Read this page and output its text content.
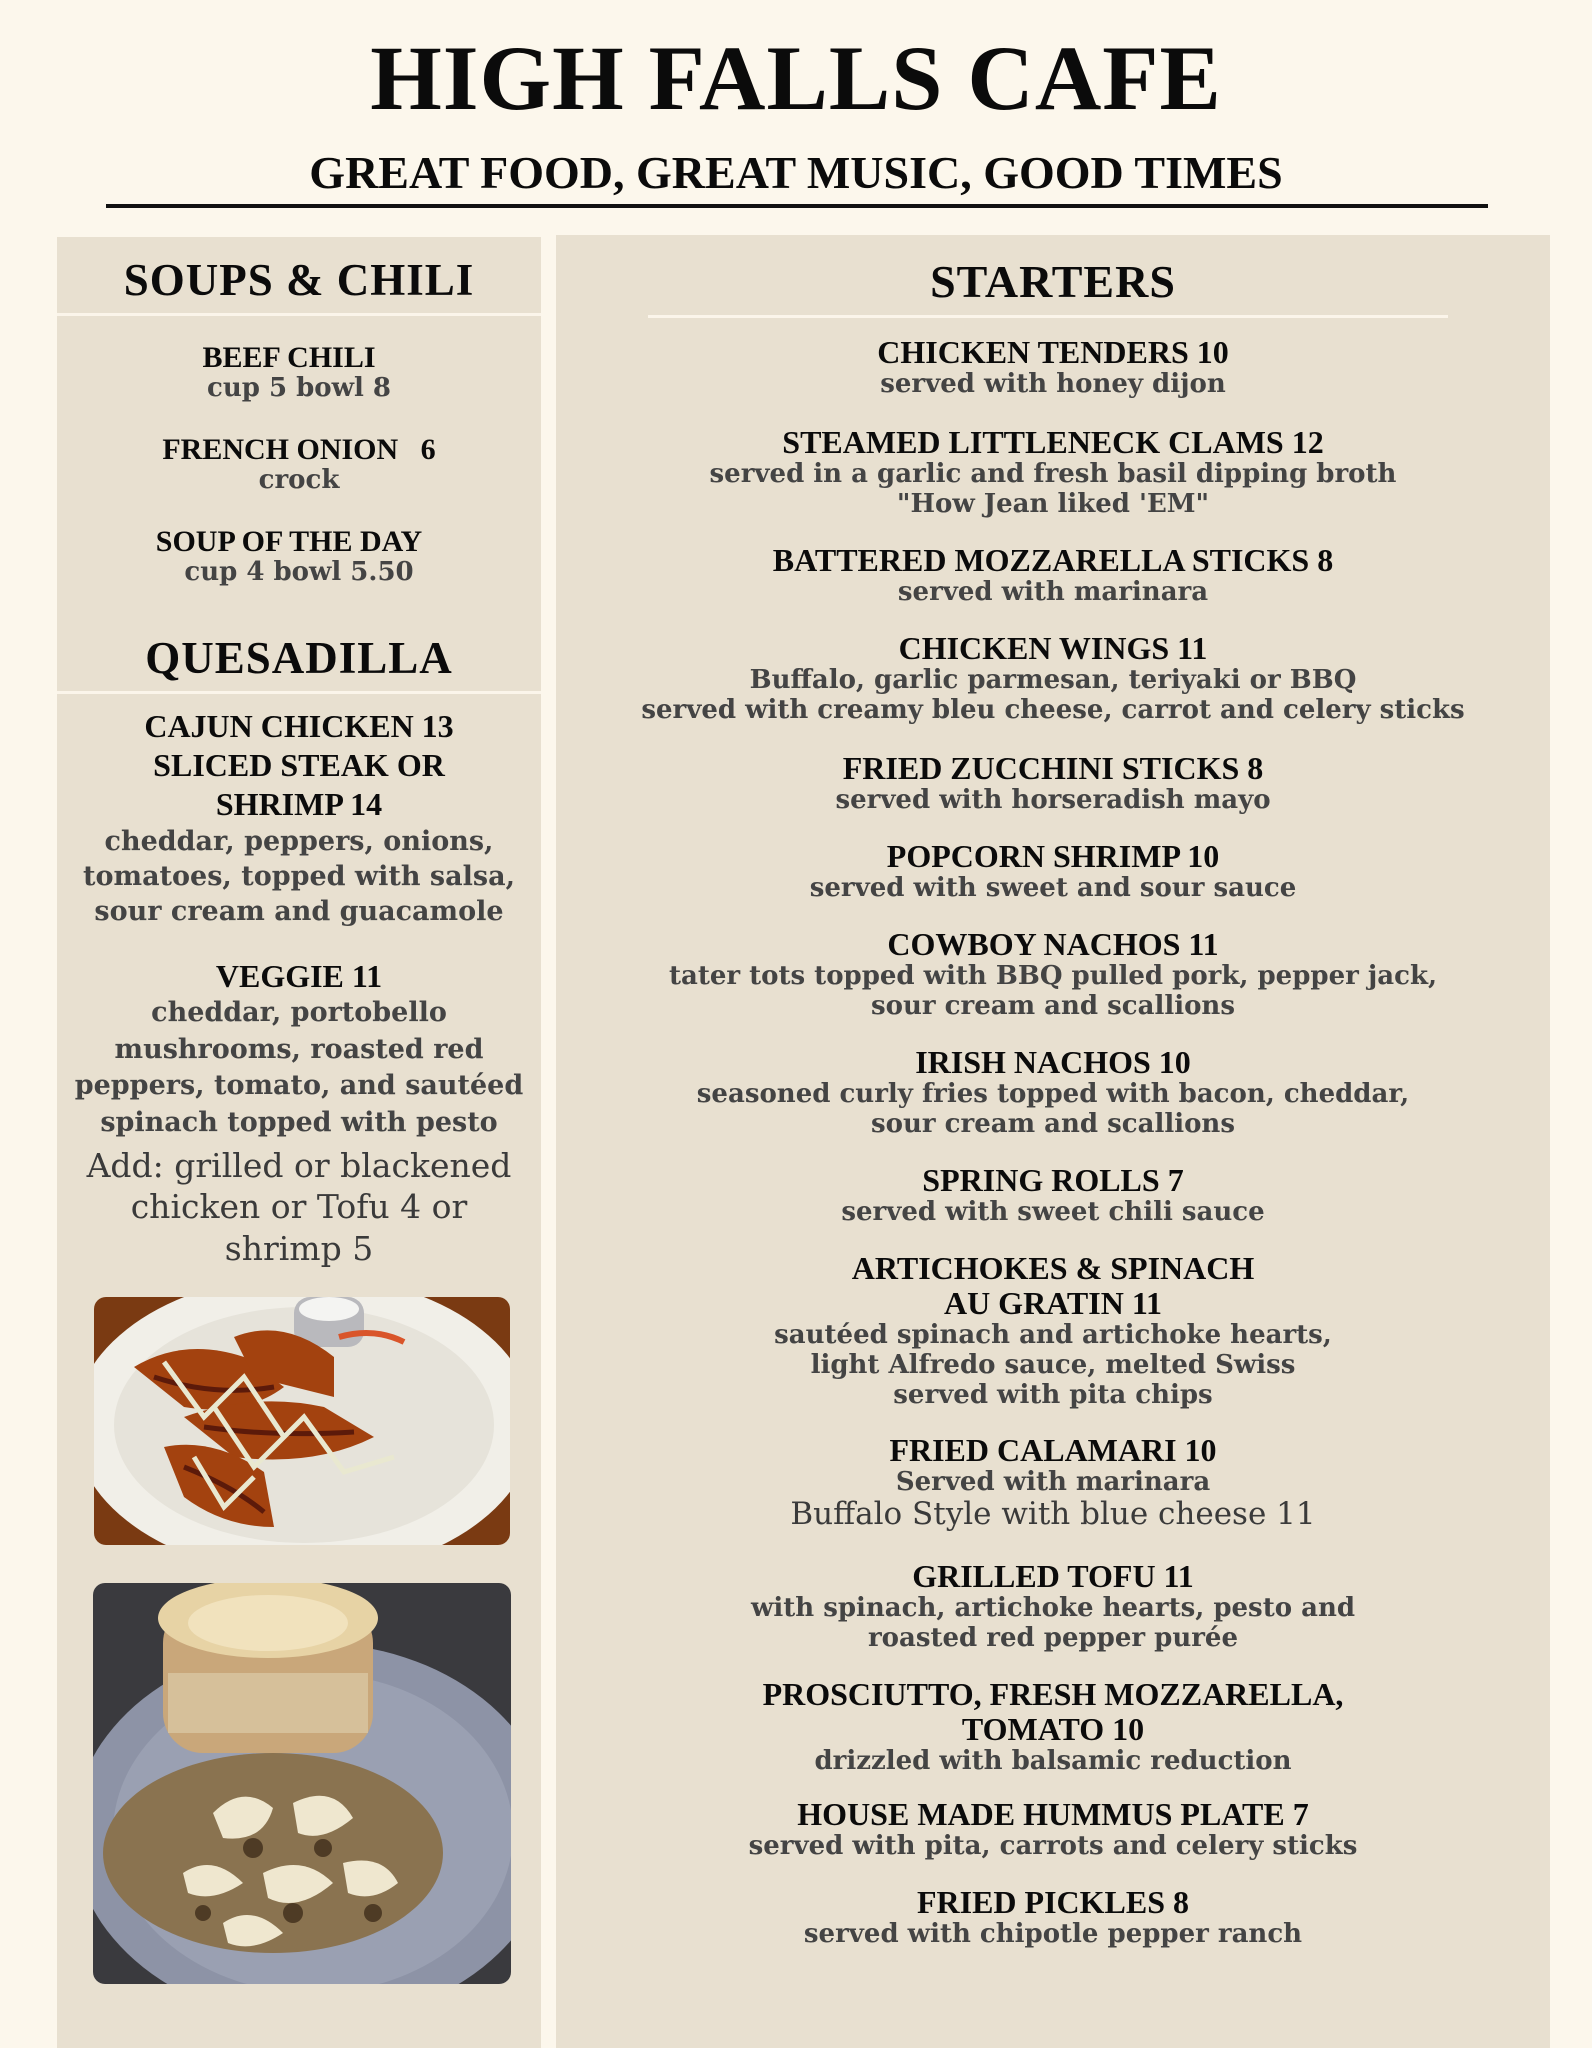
HIGH FALLS CAFE
GREAT FOOD, GREAT MUSIC, GOOD TIMES
SOUPS & CHILI
BEEF CHILI
cup 5 bowl 8
FRENCH ONION   6
crock
SOUP OF THE DAY
cup 4 bowl 5.50
QUESADILLA
CAJUN CHICKEN 13 SLICED STEAK OR SHRIMP 14
cheddar, peppers, onions, tomatoes, topped with salsa, sour cream and guacamole
VEGGIE 11
cheddar, portobello mushrooms, roasted red peppers, tomato, and sautéed spinach topped with pesto
Add: grilled or blackened chicken or Tofu 4 or shrimp 5
STARTERS
CHICKEN TENDERS 10
served with honey dijon
STEAMED LITTLENECK CLAMS 12
served in a garlic and fresh basil dipping broth
"How Jean liked 'EM"
BATTERED MOZZARELLA STICKS 8
served with marinara
CHICKEN WINGS 11
Buffalo, garlic parmesan, teriyaki or BBQ
served with creamy bleu cheese, carrot and celery sticks
FRIED ZUCCHINI STICKS 8
served with horseradish mayo
POPCORN SHRIMP 10
served with sweet and sour sauce
COWBOY NACHOS 11
tater tots topped with BBQ pulled pork, pepper jack,
sour cream and scallions
IRISH NACHOS 10
seasoned curly fries topped with bacon, cheddar,
sour cream and scallions
SPRING ROLLS 7
served with sweet chili sauce
ARTICHOKES & SPINACH
AU GRATIN 11
sautéed spinach and artichoke hearts,
light Alfredo sauce, melted Swiss
served with pita chips
FRIED CALAMARI 10
Served with marinara
Buffalo Style with blue cheese 11
GRILLED TOFU 11
with spinach, artichoke hearts, pesto and
roasted red pepper purée
PROSCIUTTO, FRESH MOZZARELLA,
TOMATO 10
drizzled with balsamic reduction
HOUSE MADE HUMMUS PLATE 7
served with pita, carrots and celery sticks
FRIED PICKLES 8
served with chipotle pepper ranch
